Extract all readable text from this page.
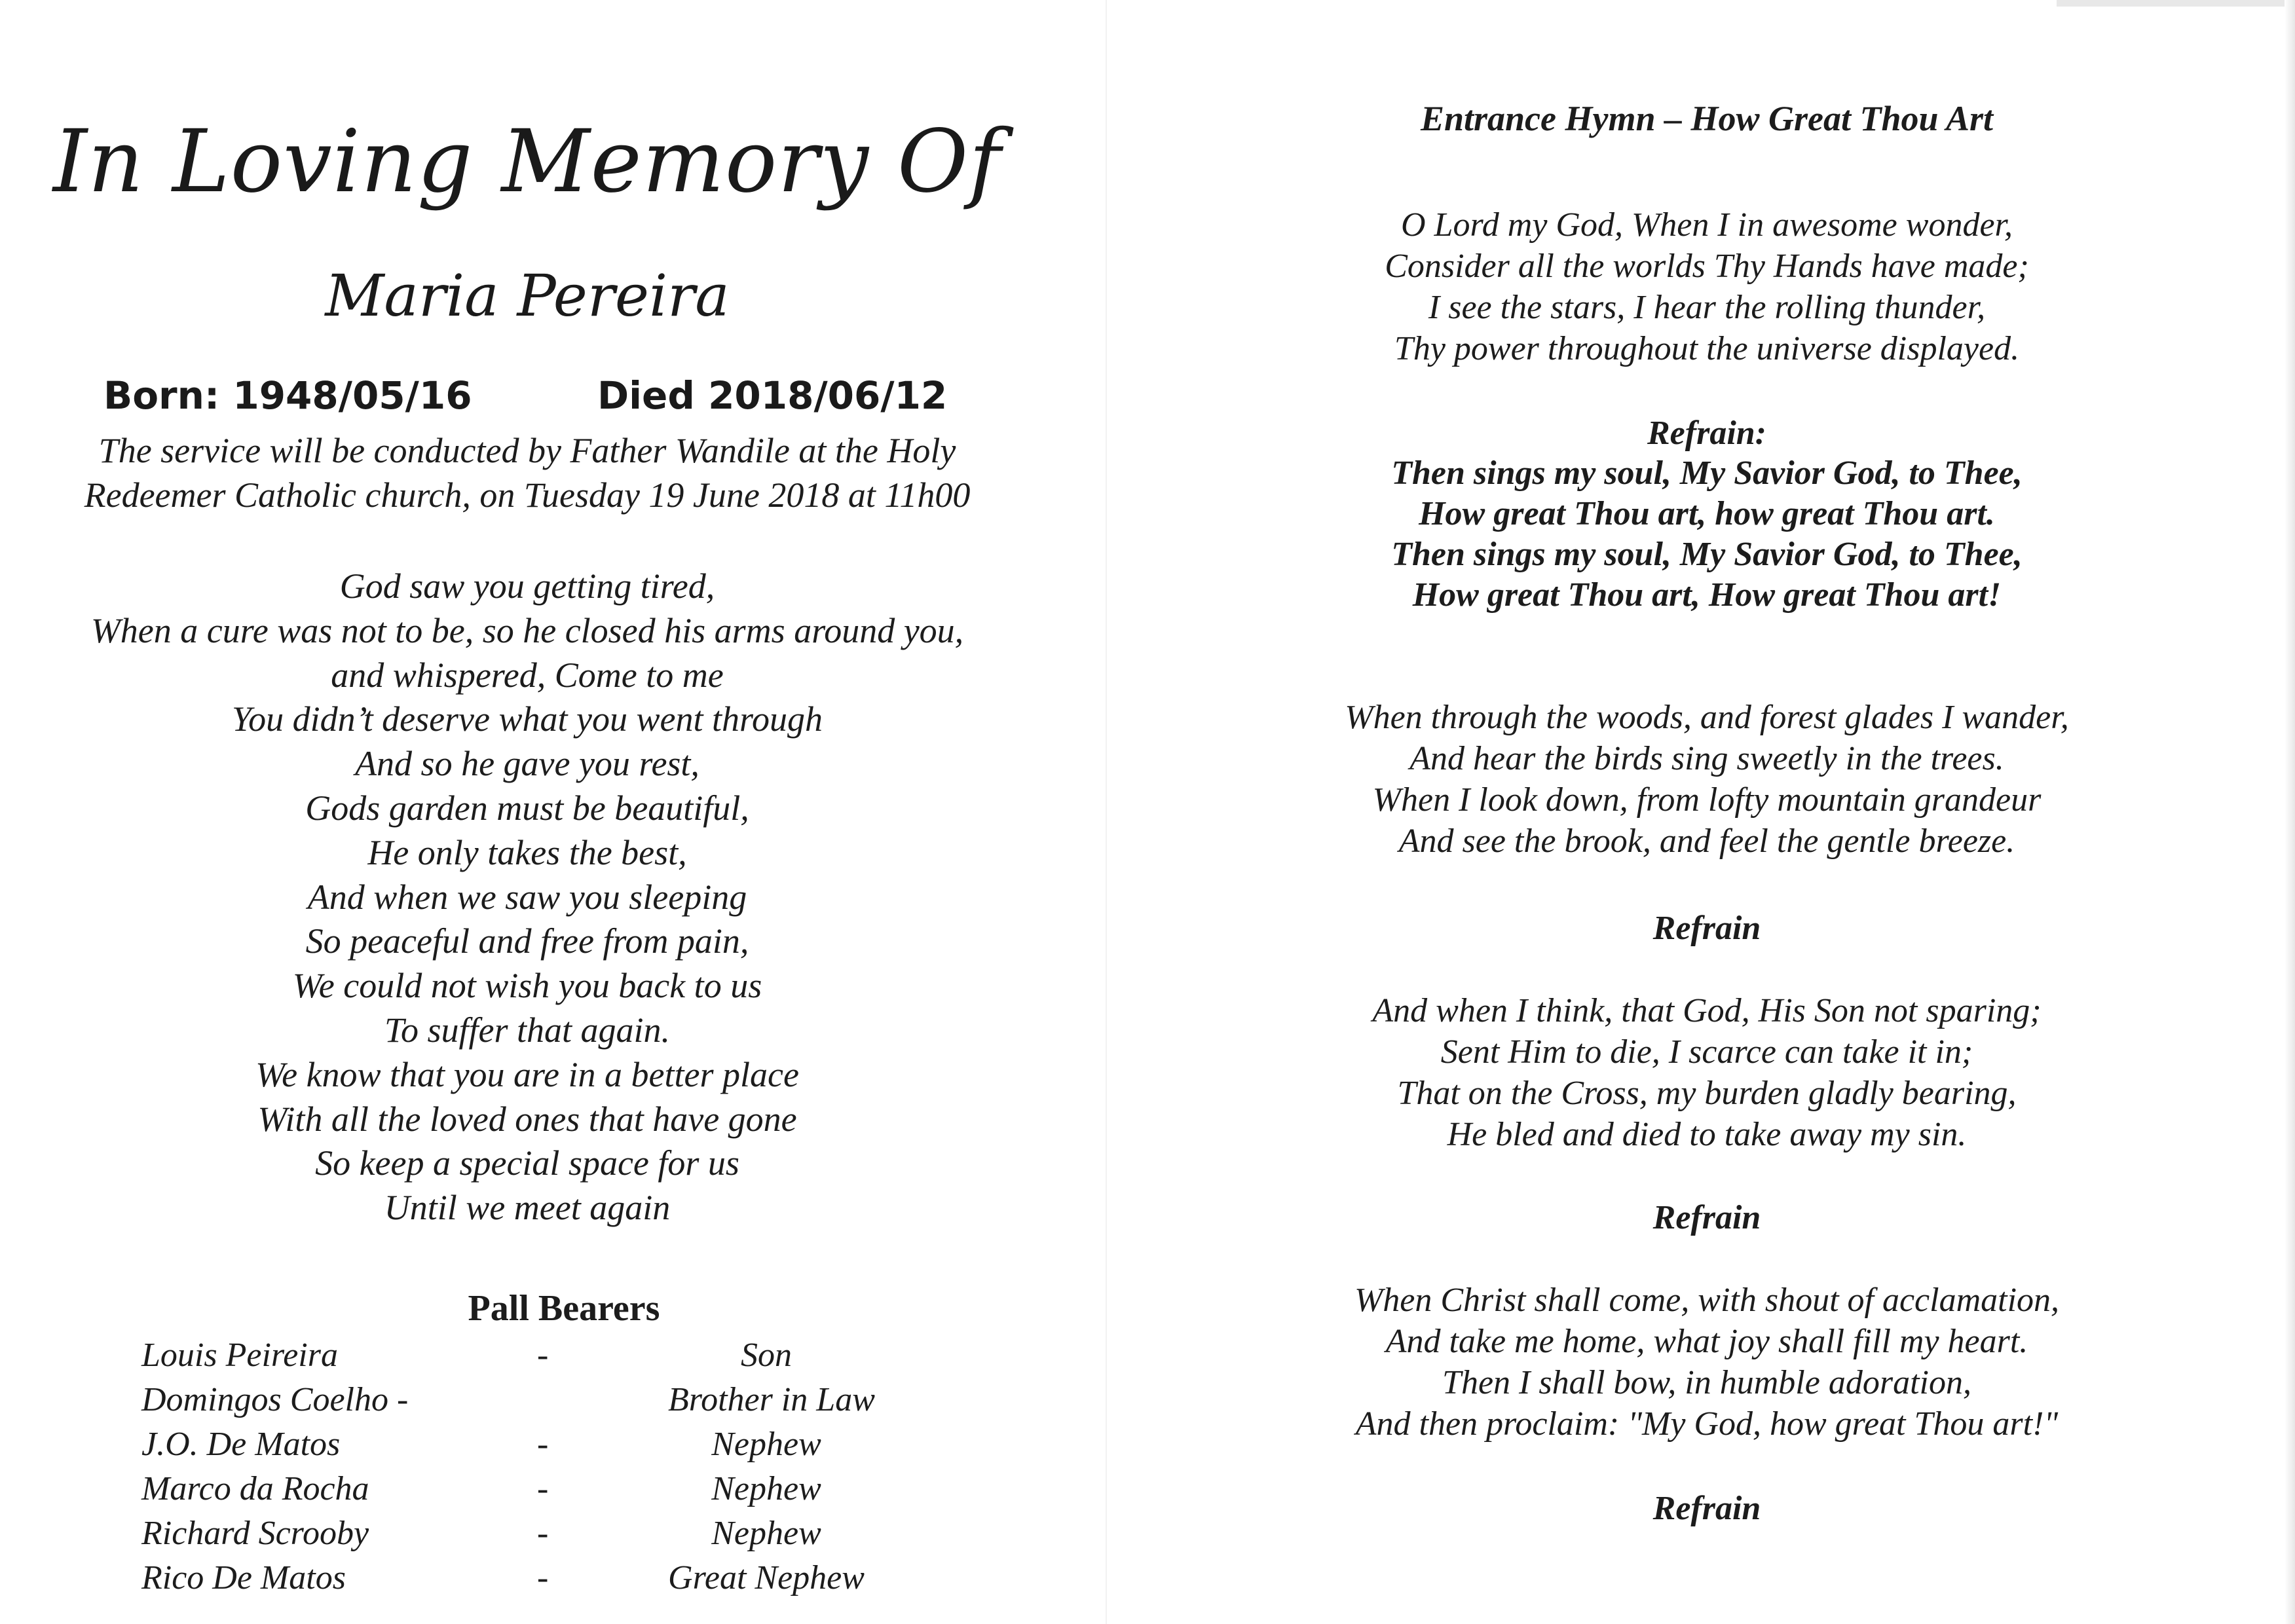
In Loving Memory Of
Maria Pereira
Born: 1948/05/16	Died 2018/06/12
The service will be conducted by Father Wandile at the Holy
Redeemer Catholic church, on Tuesday 19 June 2018 at 11h00
God saw you getting tired,
When a cure was not to be, so he closed his arms around you,
and whispered, Come to me
You didn’t deserve what you went through
And so he gave you rest,
Gods garden must be beautiful,
He only takes the best,
And when we saw you sleeping
So peaceful and free from pain,
We could not wish you back to us
To suffer that again.
We know that you are in a better place
With all the loved ones that have gone
So keep a special space for us
Until we meet again
Pall Bearers
Louis Peireira	-	Son
Domingos Coelho -	Brother in Law
J.O. De Matos	-	Nephew
Marco da Rocha	-	Nephew
Richard Scrooby	-	Nephew
Rico De Matos	-	Great Nephew
Entrance Hymn – How Great Thou Art
O Lord my God, When I in awesome wonder,
Consider all the worlds Thy Hands have made;
I see the stars, I hear the rolling thunder,
Thy power throughout the universe displayed.
Refrain:
Then sings my soul, My Savior God, to Thee,
How great Thou art, how great Thou art.
Then sings my soul, My Savior God, to Thee,
How great Thou art, How great Thou art!
When through the woods, and forest glades I wander,
And hear the birds sing sweetly in the trees.
When I look down, from lofty mountain grandeur
And see the brook, and feel the gentle breeze.
Refrain
And when I think, that God, His Son not sparing;
Sent Him to die, I scarce can take it in;
That on the Cross, my burden gladly bearing,
He bled and died to take away my sin.
Refrain
When Christ shall come, with shout of acclamation,
And take me home, what joy shall fill my heart.
Then I shall bow, in humble adoration,
And then proclaim: "My God, how great Thou art!"
Refrain
